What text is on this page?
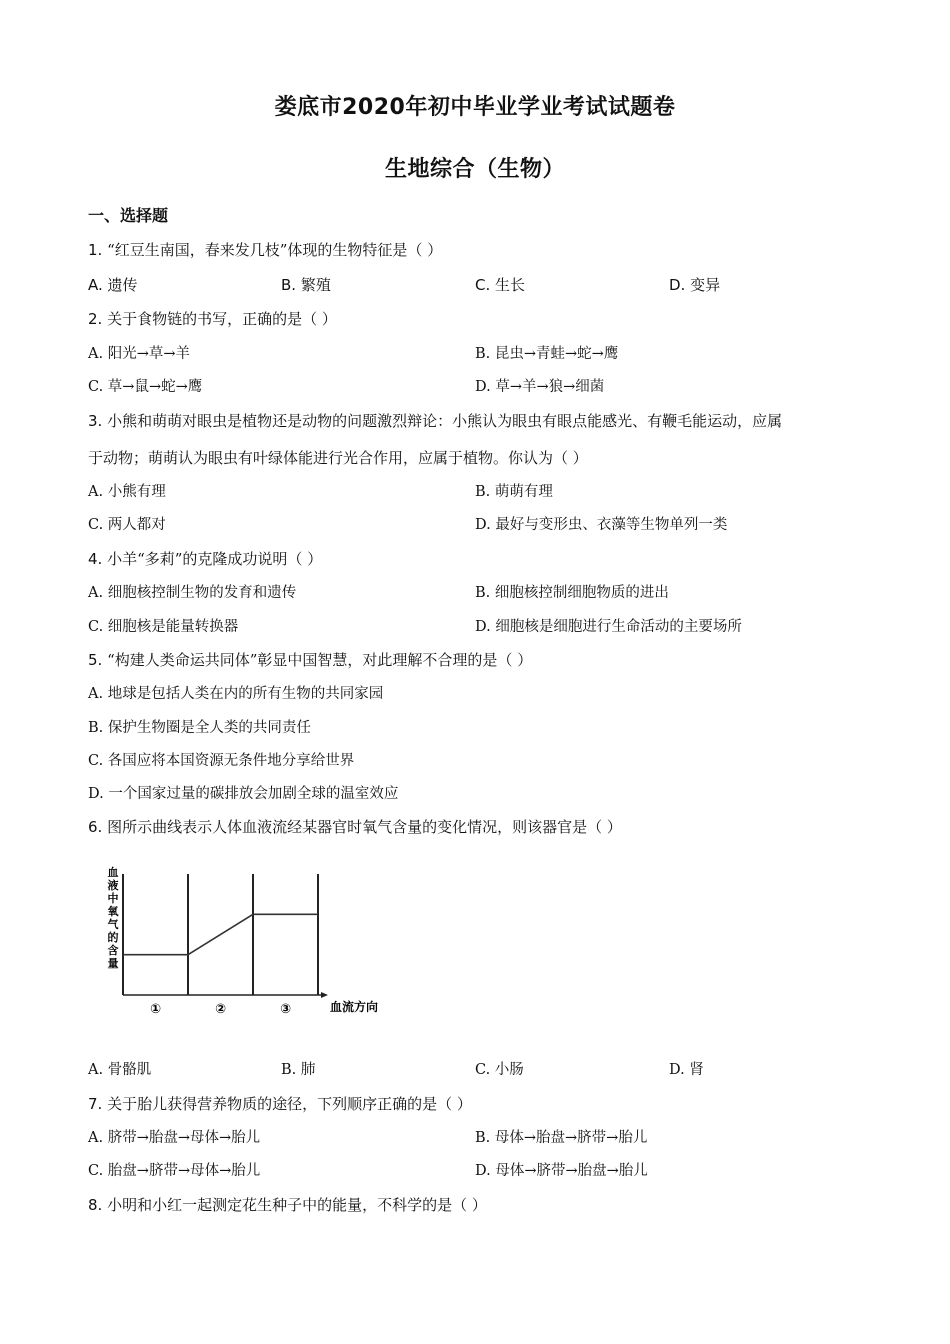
娄底市2020年初中毕业学业考试试题卷
生地综合（生物）
一、选择题
1. “红豆生南国，春来发几枝”体现的生物特征是（ ）
A. 遗传	B. 繁殖	C. 生长	D. 变异
2. 关于食物链的书写，正确的是（ ）
A. 阳光→草→羊	B. 昆虫→青蛙→蛇→鹰
C. 草→鼠→蛇→鹰	D. 草→羊→狼→细菌
3. 小熊和萌萌对眼虫是植物还是动物的问题激烈辩论：小熊认为眼虫有眼点能感光、有鞭毛能运动，应属
于动物；萌萌认为眼虫有叶绿体能进行光合作用，应属于植物。你认为（ ）
A. 小熊有理	B. 萌萌有理
C. 两人都对	D. 最好与变形虫、衣藻等生物单列一类
4. 小羊“多莉”的克隆成功说明（ ）
A. 细胞核控制生物的发育和遗传	B. 细胞核控制细胞物质的进出
C. 细胞核是能量转换器	D. 细胞核是细胞进行生命活动的主要场所
5. “构建人类命运共同体”彰显中国智慧，对此理解不合理的是（ ）
A. 地球是包括人类在内的所有生物的共同家园
B. 保护生物圈是全人类的共同责任
C. 各国应将本国资源无条件地分享给世界
D. 一个国家过量的碳排放会加剧全球的温室效应
6. 图所示曲线表示人体血液流经某器官时氧气含量的变化情况，则该器官是（ ）
血液中氧气的含量
①	②	③	血流方向
A. 骨骼肌	B. 肺	C. 小肠	D. 肾
7. 关于胎儿获得营养物质的途径，下列顺序正确的是（ ）
A. 脐带→胎盘→母体→胎儿	B. 母体→胎盘→脐带→胎儿
C. 胎盘→脐带→母体→胎儿	D. 母体→脐带→胎盘→胎儿
8. 小明和小红一起测定花生种子中的能量，不科学的是（ ）
